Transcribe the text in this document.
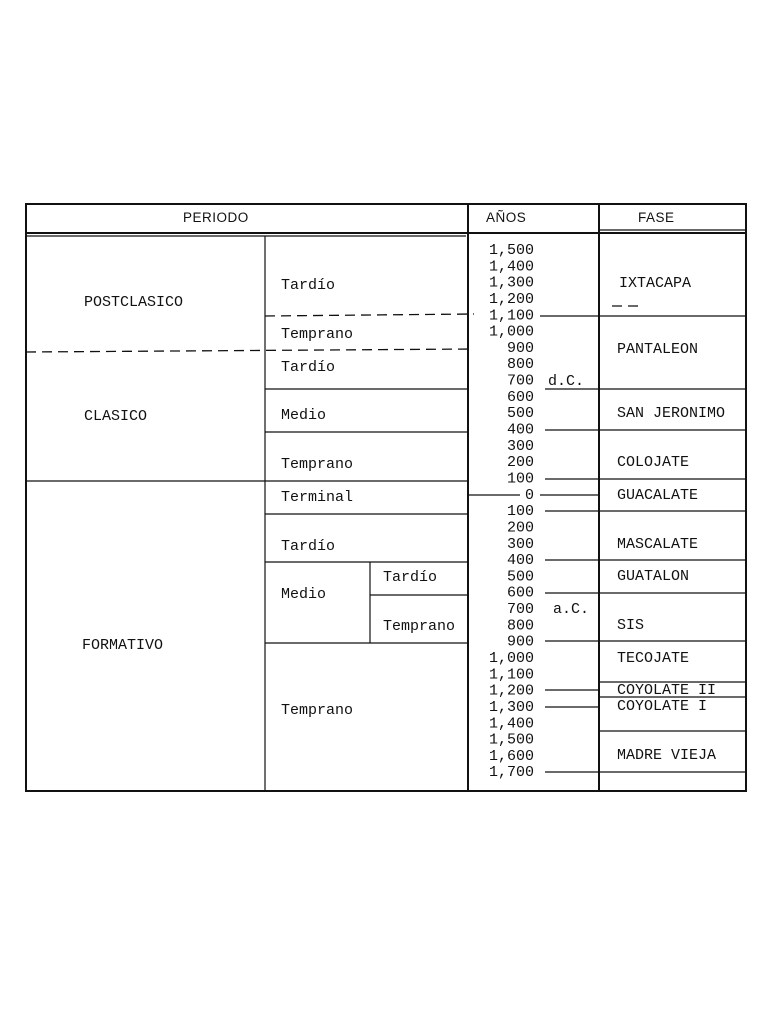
PERIODO	AÑOS	FASE
POSTCLASICO
CLASICO
FORMATIVO
Tardío
Temprano
Tardío
Medio
Temprano
Terminal
Tardío
Medio
Tardío
Temprano
Temprano
1,500
1,400
1,300
1,200
1,100
1,000
900
800
700
600
500
400
300
200
100
0
100
200
300
400
500
600
700
800
900
1,000
1,100
1,200
1,300
1,400
1,500
1,600
1,700
d.C.
a.C.
IXTACAPA
PANTALEON
SAN JERONIMO
COLOJATE
GUACALATE
MASCALATE
GUATALON
SIS
TECOJATE
COYOLATE II
COYOLATE I
MADRE VIEJA
